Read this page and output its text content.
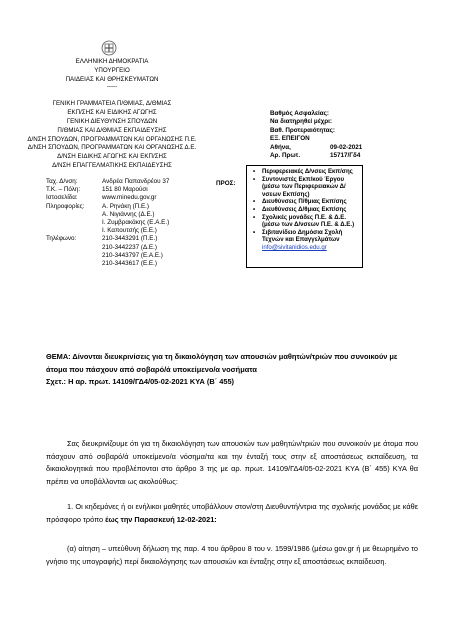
ΕΛΛΗΝΙΚΗ ΔΗΜΟΚΡΑΤΙΑ
ΥΠΟΥΡΓΕΙΟ
ΠΑΙΔΕΙΑΣ ΚΑΙ ΘΡΗΣΚΕΥΜΑΤΩΝ
-----
ΓΕΝΙΚΗ ΓΡΑΜΜΑΤΕΙΑ Π/ΘΜΙΑΣ, Δ/ΘΜΙΑΣ
ΕΚΠ/ΣΗΣ ΚΑΙ ΕΙΔΙΚΗΣ ΑΓΩΓΗΣ
ΓΕΝΙΚΗ ΔΙΕΥΘΥΝΣΗ ΣΠΟΥΔΩΝ
Π/ΘΜΙΑΣ ΚΑΙ Δ/ΘΜΙΑΣ ΕΚΠΑΙΔΕΥΣΗΣ
Δ/ΝΣΗ ΣΠΟΥΔΩΝ, ΠΡΟΓΡΑΜΜΑΤΩΝ ΚΑΙ ΟΡΓΑΝΩΣΗΣ Π.Ε.
Δ/ΝΣΗ ΣΠΟΥΔΩΝ, ΠΡΟΓΡΑΜΜΑΤΩΝ ΚΑΙ ΟΡΓΑΝΩΣΗΣ Δ.Ε.
Δ/ΝΣΗ ΕΙΔΙΚΗΣ ΑΓΩΓΗΣ ΚΑΙ ΕΚΠ/ΣΗΣ
Δ/ΝΣΗ ΕΠΑΓΓΕΛΜΑΤΙΚΗΣ ΕΚΠΑΙΔΕΥΣΗΣ
Βαθμός Ασφαλείας:
Να διατηρηθεί μέχρι:
Βαθ. Προτεραιότητας:
ΕΞ. ΕΠΕΙΓΟΝ
Αθήνα,	09-02-2021
Αρ. Πρωτ.	15717/Γδ4
ΠΡΟΣ:
• Περιφερειακές Δ/νσεις Εκπ/σης
• Συντονιστές Εκπ/κού Έργου (μέσω των Περιφερειακών Δ/νσεων Εκπ/σης)
• Διευθύνσεις Π/θμιας Εκπ/σης
• Διευθύνσεις Δ/θμιας Εκπ/σης
• Σχολικές μονάδες Π.Ε. & Δ.Ε. (μέσω των Δ/νσεων Π.Ε. & Δ.Ε.)
• Σιβιτανίδειο Δημόσια Σχολή Τεχνών και Επαγγελμάτων
info@sivitanidios.edu.gr
Ταχ. Δ/νση:	Ανδρέα Παπανδρέου 37
Τ.Κ. – Πόλη:	151 80 Μαρούσι
Ιστοσελίδα:	www.minedu.gov.gr
Πληροφορίες:	Α. Ρηνάκη (Π.Ε.)
Α. Νιγιάννης (Δ.Ε.)
Ι. Ζυμβρακάκης (Ε.Α.Ε.)
Ι. Καπουτσής (Ε.Ε.)
Τηλέφωνο:	210-3443291 (Π.Ε.)
210-3442237 (Δ.Ε.)
210-3443797 (Ε.Α.Ε.)
210-3443617 (Ε.Ε.)
ΘΕΜΑ: Δίνονται διευκρινίσεις για τη δικαιολόγηση των απουσιών μαθητών/τριών που συνοικούν με άτομα που πάσχουν από σοβαρό/ά υποκείμενο/α νοσήματα
Σχετ.: Η αρ. πρωτ. 14109/ΓΔ4/05-02-2021 ΚΥΑ (Β΄ 455)
Σας διευκρινίζουμε ότι για τη δικαιολόγηση των απουσιών των μαθητών/τριών που συνοικούν με άτομα που πάσχουν από σοβαρό/ά υποκείμενο/α νόσημα/τα και την ένταξή τους στην εξ αποστάσεως εκπαίδευση, τα δικαιολογητικά που προβλέπονται στο άρθρο 3 της με αρ. πρωτ. 14109/ΓΔ4/05-02-2021 ΚΥΑ (Β΄ 455) ΚΥΑ θα πρέπει να υποβάλλονται ως ακολούθως:
1. Οι κηδεμόνες ή οι ενήλικοι μαθητές υποβάλλουν στον/στη Διευθυντή/ντρια της σχολικής μονάδας με κάθε πρόσφορο τρόπο έως την Παρασκευή 12-02-2021:
(α) αίτηση – υπεύθυνη δήλωση της παρ. 4 του άρθρου 8 του ν. 1599/1986 (μέσω gov.gr ή με θεωρημένο το γνήσιο της υπογραφής) περί δικαιολόγησης των απουσιών και ένταξης στην εξ αποστάσεως εκπαίδευση.
